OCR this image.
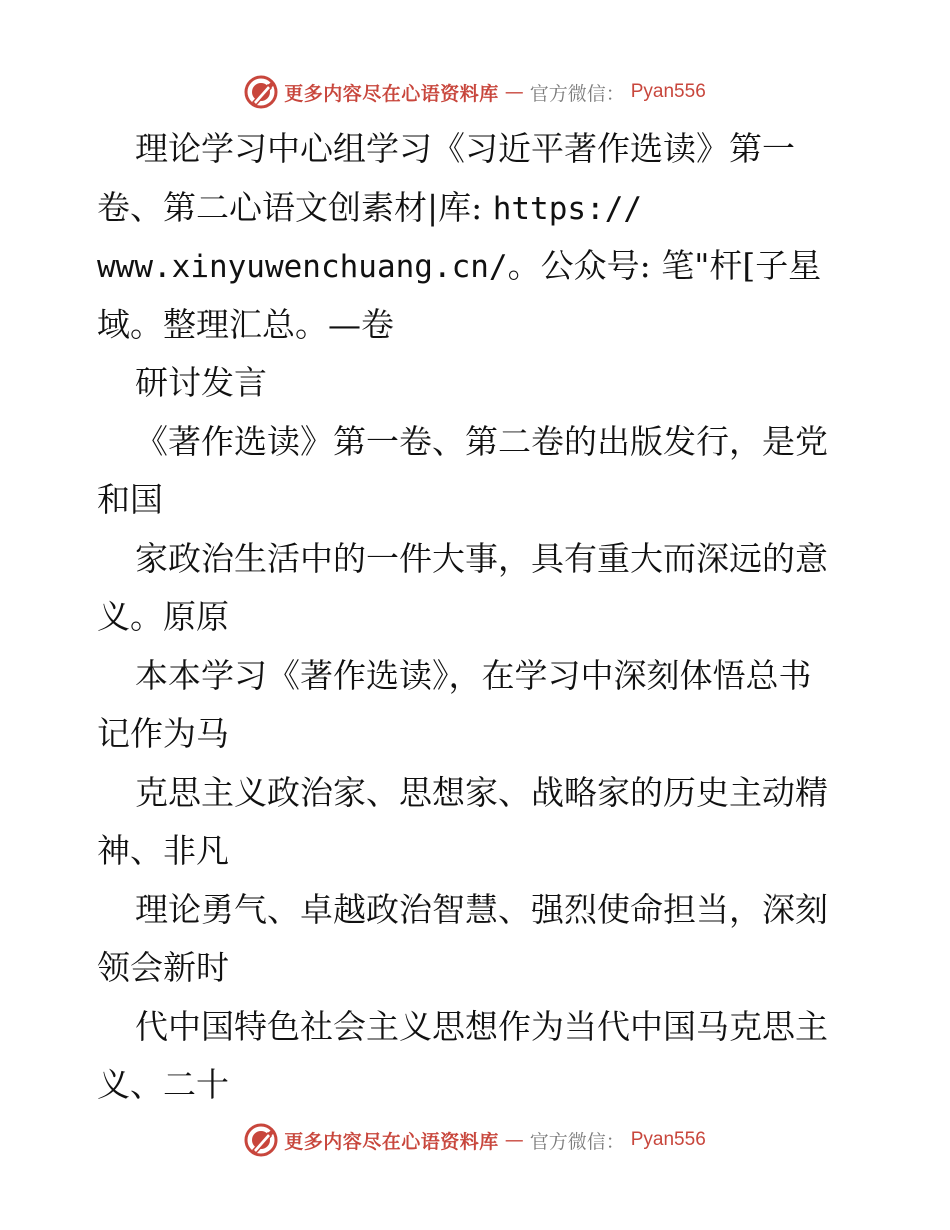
更多内容尽在心语资料库 — 官方微信： Pyan556
理论学习中心组学习《习近平著作选读》第一
卷、第二心语文创素材|库: https://
www.xinyuwenchuang.cn/。公众号: 笔"杆[子星
域。整理汇总。—卷
研讨发言
《著作选读》第一卷、第二卷的出版发行，是党
和国
家政治生活中的一件大事，具有重大而深远的意
义。原原
本本学习《著作选读》，在学习中深刻体悟总书
记作为马
克思主义政治家、思想家、战略家的历史主动精
神、非凡
理论勇气、卓越政治智慧、强烈使命担当，深刻
领会新时
代中国特色社会主义思想作为当代中国马克思主
义、二十
更多内容尽在心语资料库 — 官方微信： Pyan556
